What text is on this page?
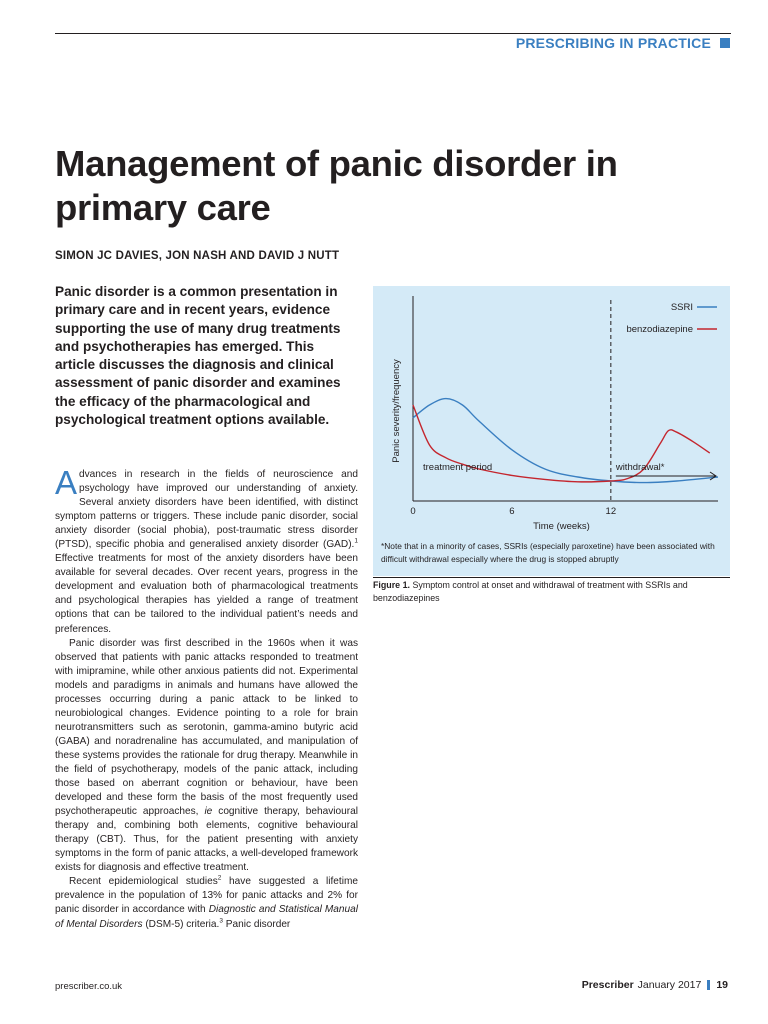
PRESCRIBING IN PRACTICE
Management of panic disorder in primary care
SIMON JC DAVIES, JON NASH AND DAVID J NUTT

Panic disorder is a common presentation in primary care and in recent years, evidence supporting the use of many drug treatments and psychotherapies has emerged. This article discusses the diagnosis and clinical assessment of panic disorder and examines the efficacy of the pharmacological and psychological treatment options available.

Advances in research in the fields of neuroscience and psychology have improved our understanding of anxiety. Several anxiety disorders have been identified, with distinct symptom patterns or triggers. These include panic disorder, social anxiety disorder (social phobia), post-traumatic stress disorder (PTSD), specific phobia and generalised anxiety disorder (GAD).$^1$ Effective treatments for most of the anxiety disorders have been available for several decades. Over recent years, progress in the development and evaluation both of pharmacological treatments and psychological therapies has yielded a range of treatment options that can be tailored to the individual patient’s needs and preferences.

Panic disorder was first described in the 1960s when it was observed that patients with panic attacks responded to treatment with imipramine, while other anxious patients did not. Experimental models and paradigms in animals and humans have allowed the processes occurring during a panic attack to be linked to neurobiological changes. Evidence pointing to a role for brain neurotransmitters such as serotonin, gamma-amino butyric acid (GABA) and noradrenaline has accumulated, and manipulation of these systems provides the rationale for drug therapy. Meanwhile in the field of psychotherapy, models of the panic attack, including those based on aberrant cognition or behaviour, have been developed and these form the basis of the most frequently used psychotherapeutic approaches, ie cognitive therapy, behavioural therapy and, combining both elements, cognitive behavioural therapy (CBT). Thus, for the patient presenting with anxiety symptoms in the form of panic attacks, a well-developed framework exists for diagnosis and effective treatment.

Recent epidemiological studies$^2$ have suggested a lifetime prevalence in the population of 13% for panic attacks and 2% for panic disorder in accordance with Diagnostic and Statistical Manual of Mental Disorders (DSM-5) criteria.$^3$ Panic disorder

SSRI
benzodiazepine
0	6	12
Panic severity/frequency
Time (weeks)
treatment period	withdrawal*
*Note that in a minority of cases, SSRIs (especially paroxetine) have been associated with difficult withdrawal especially where the drug is stopped abruptly
Figure 1. Symptom control at onset and withdrawal of treatment with SSRIs and benzodiazepines
prescriber.co.uk	Prescriber January 2017 19
